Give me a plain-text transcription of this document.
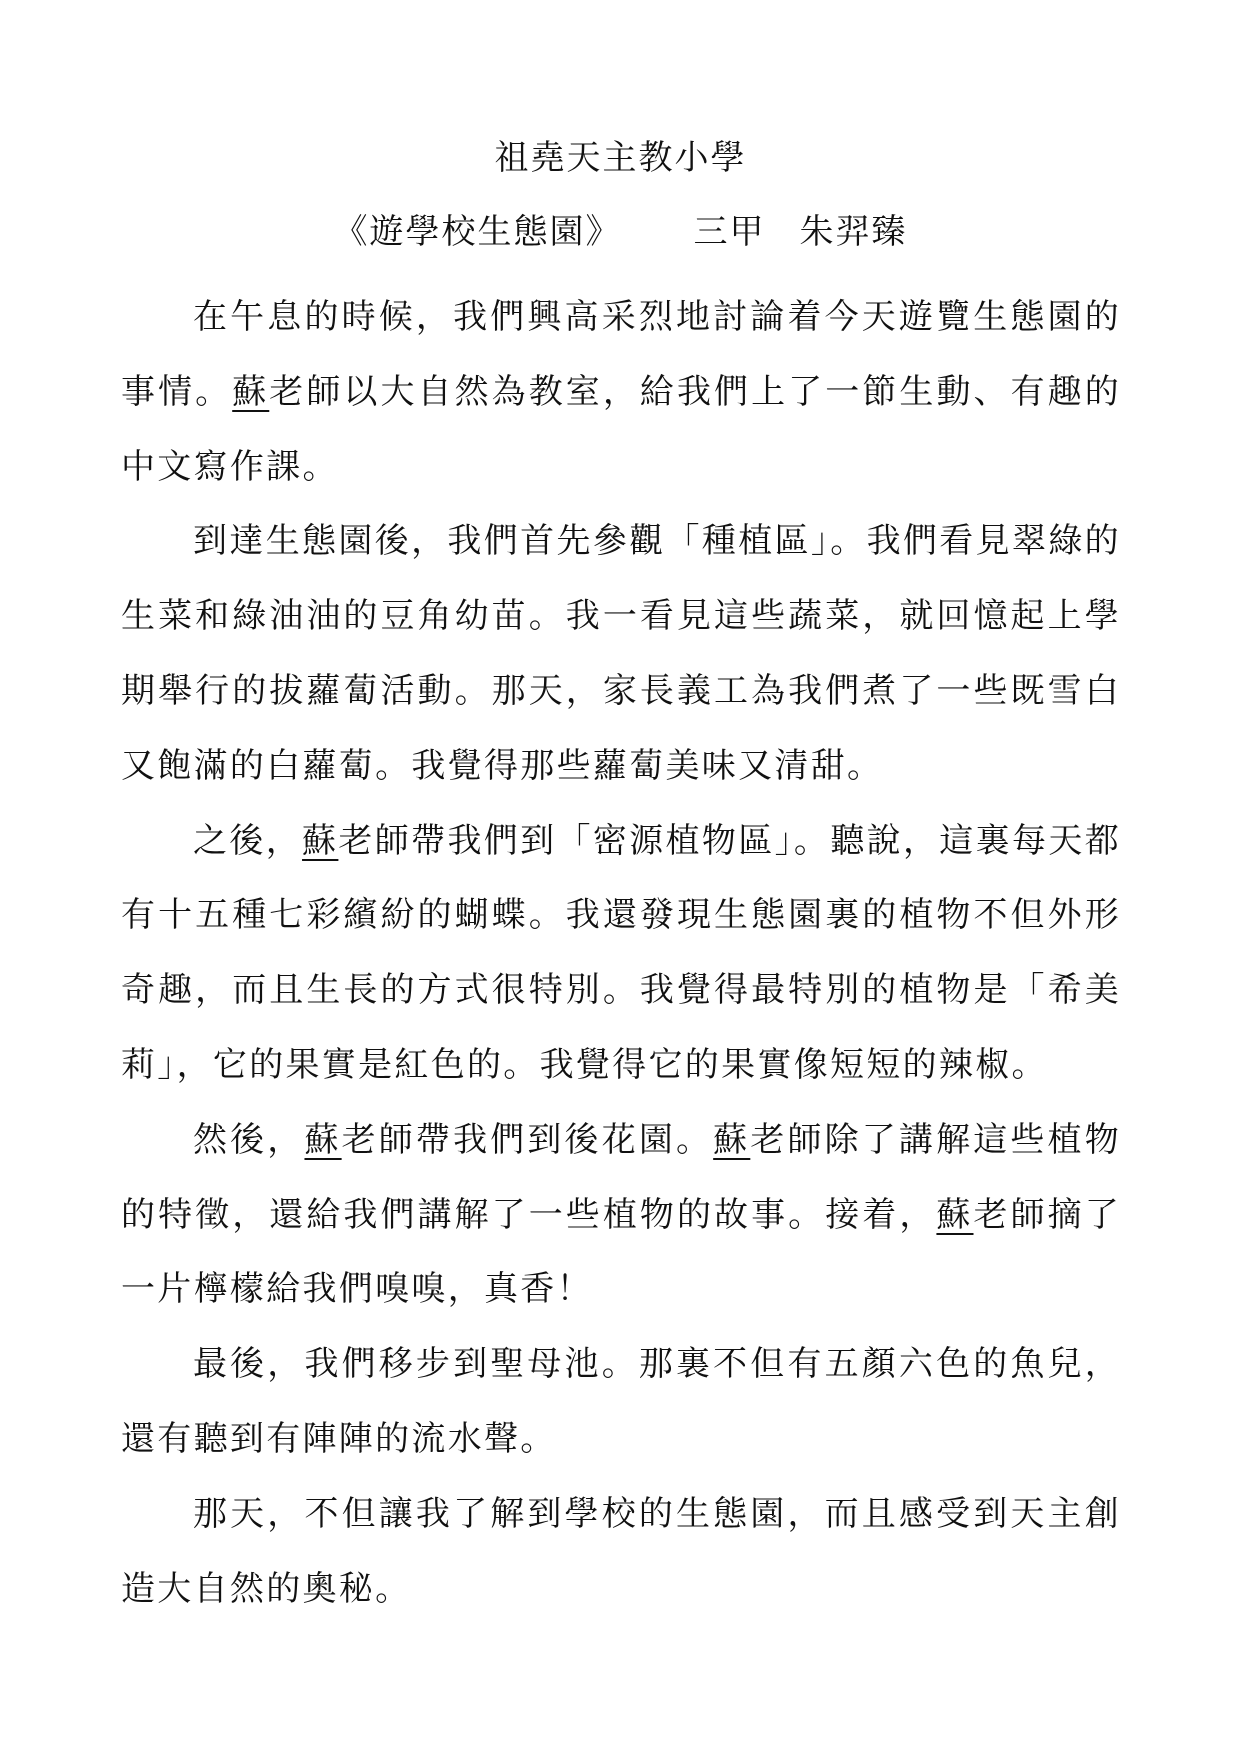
祖堯天主教小學
《遊學校生態園》 三甲 朱羿臻

在午息的時候，我們興高采烈地討論着今天遊覽生態園的事情。蘇老師以大自然為教室，給我們上了一節生動、有趣的中文寫作課。

到達生態園後，我們首先參觀「種植區」。我們看見翠綠的生菜和綠油油的豆角幼苗。我一看見這些蔬菜，就回憶起上學期舉行的拔蘿蔔活動。那天，家長義工為我們煮了一些既雪白又飽滿的白蘿蔔。我覺得那些蘿蔔美味又清甜。

之後，蘇老師帶我們到「密源植物區」。聽說，這裏每天都有十五種七彩繽紛的蝴蝶。我還發現生態園裏的植物不但外形奇趣，而且生長的方式很特別。我覺得最特別的植物是「希美莉」，它的果實是紅色的。我覺得它的果實像短短的辣椒。

然後，蘇老師帶我們到後花園。蘇老師除了講解這些植物的特徵，還給我們講解了一些植物的故事。接着，蘇老師摘了一片檸檬給我們嗅嗅，真香！

最後，我們移步到聖母池。那裏不但有五顏六色的魚兒，還有聽到有陣陣的流水聲。

那天，不但讓我了解到學校的生態園，而且感受到天主創造大自然的奧秘。
